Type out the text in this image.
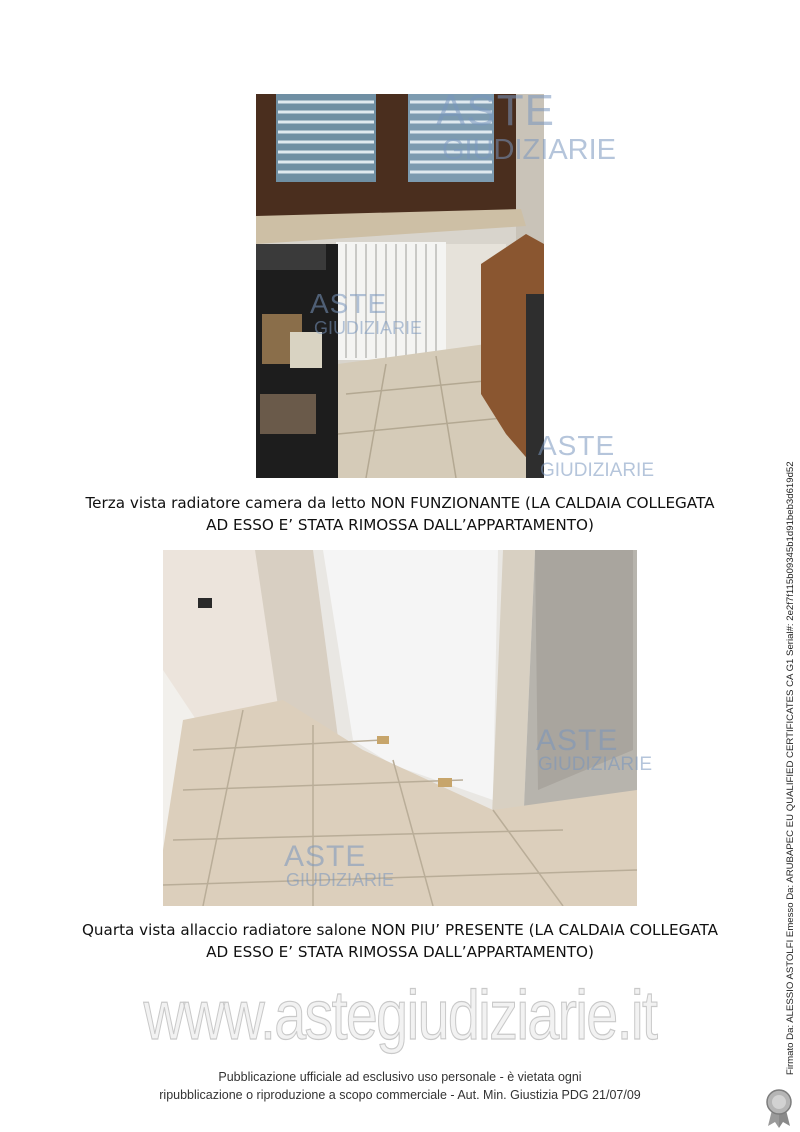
ASTE
GIUDIZIARIE
ASTE
GIUDIZIARIE
ASTE
GIUDIZIARIE
Terza vista radiatore camera da letto NON FUNZIONANTE (LA CALDAIA COLLEGATA
AD ESSO E’ STATA RIMOSSA DALL’APPARTAMENTO)
ASTE
GIUDIZIARIE
ASTE
GIUDIZIARIE
Quarta vista allaccio radiatore salone NON PIU’ PRESENTE (LA CALDAIA COLLEGATA
AD ESSO E’ STATA RIMOSSA DALL’APPARTAMENTO)
www.astegiudiziarie.it
Pubblicazione ufficiale ad esclusivo uso personale - è vietata ogni
ripubblicazione o riproduzione a scopo commerciale - Aut. Min. Giustizia PDG 21/07/09
Firmato Da: ALESSIO ASTOLFI Emesso Da: ARUBAPEC EU QUALIFIED CERTIFICATES CA G1 Serial#: 2e2f7f115b09345b1d91beb3d619d52
